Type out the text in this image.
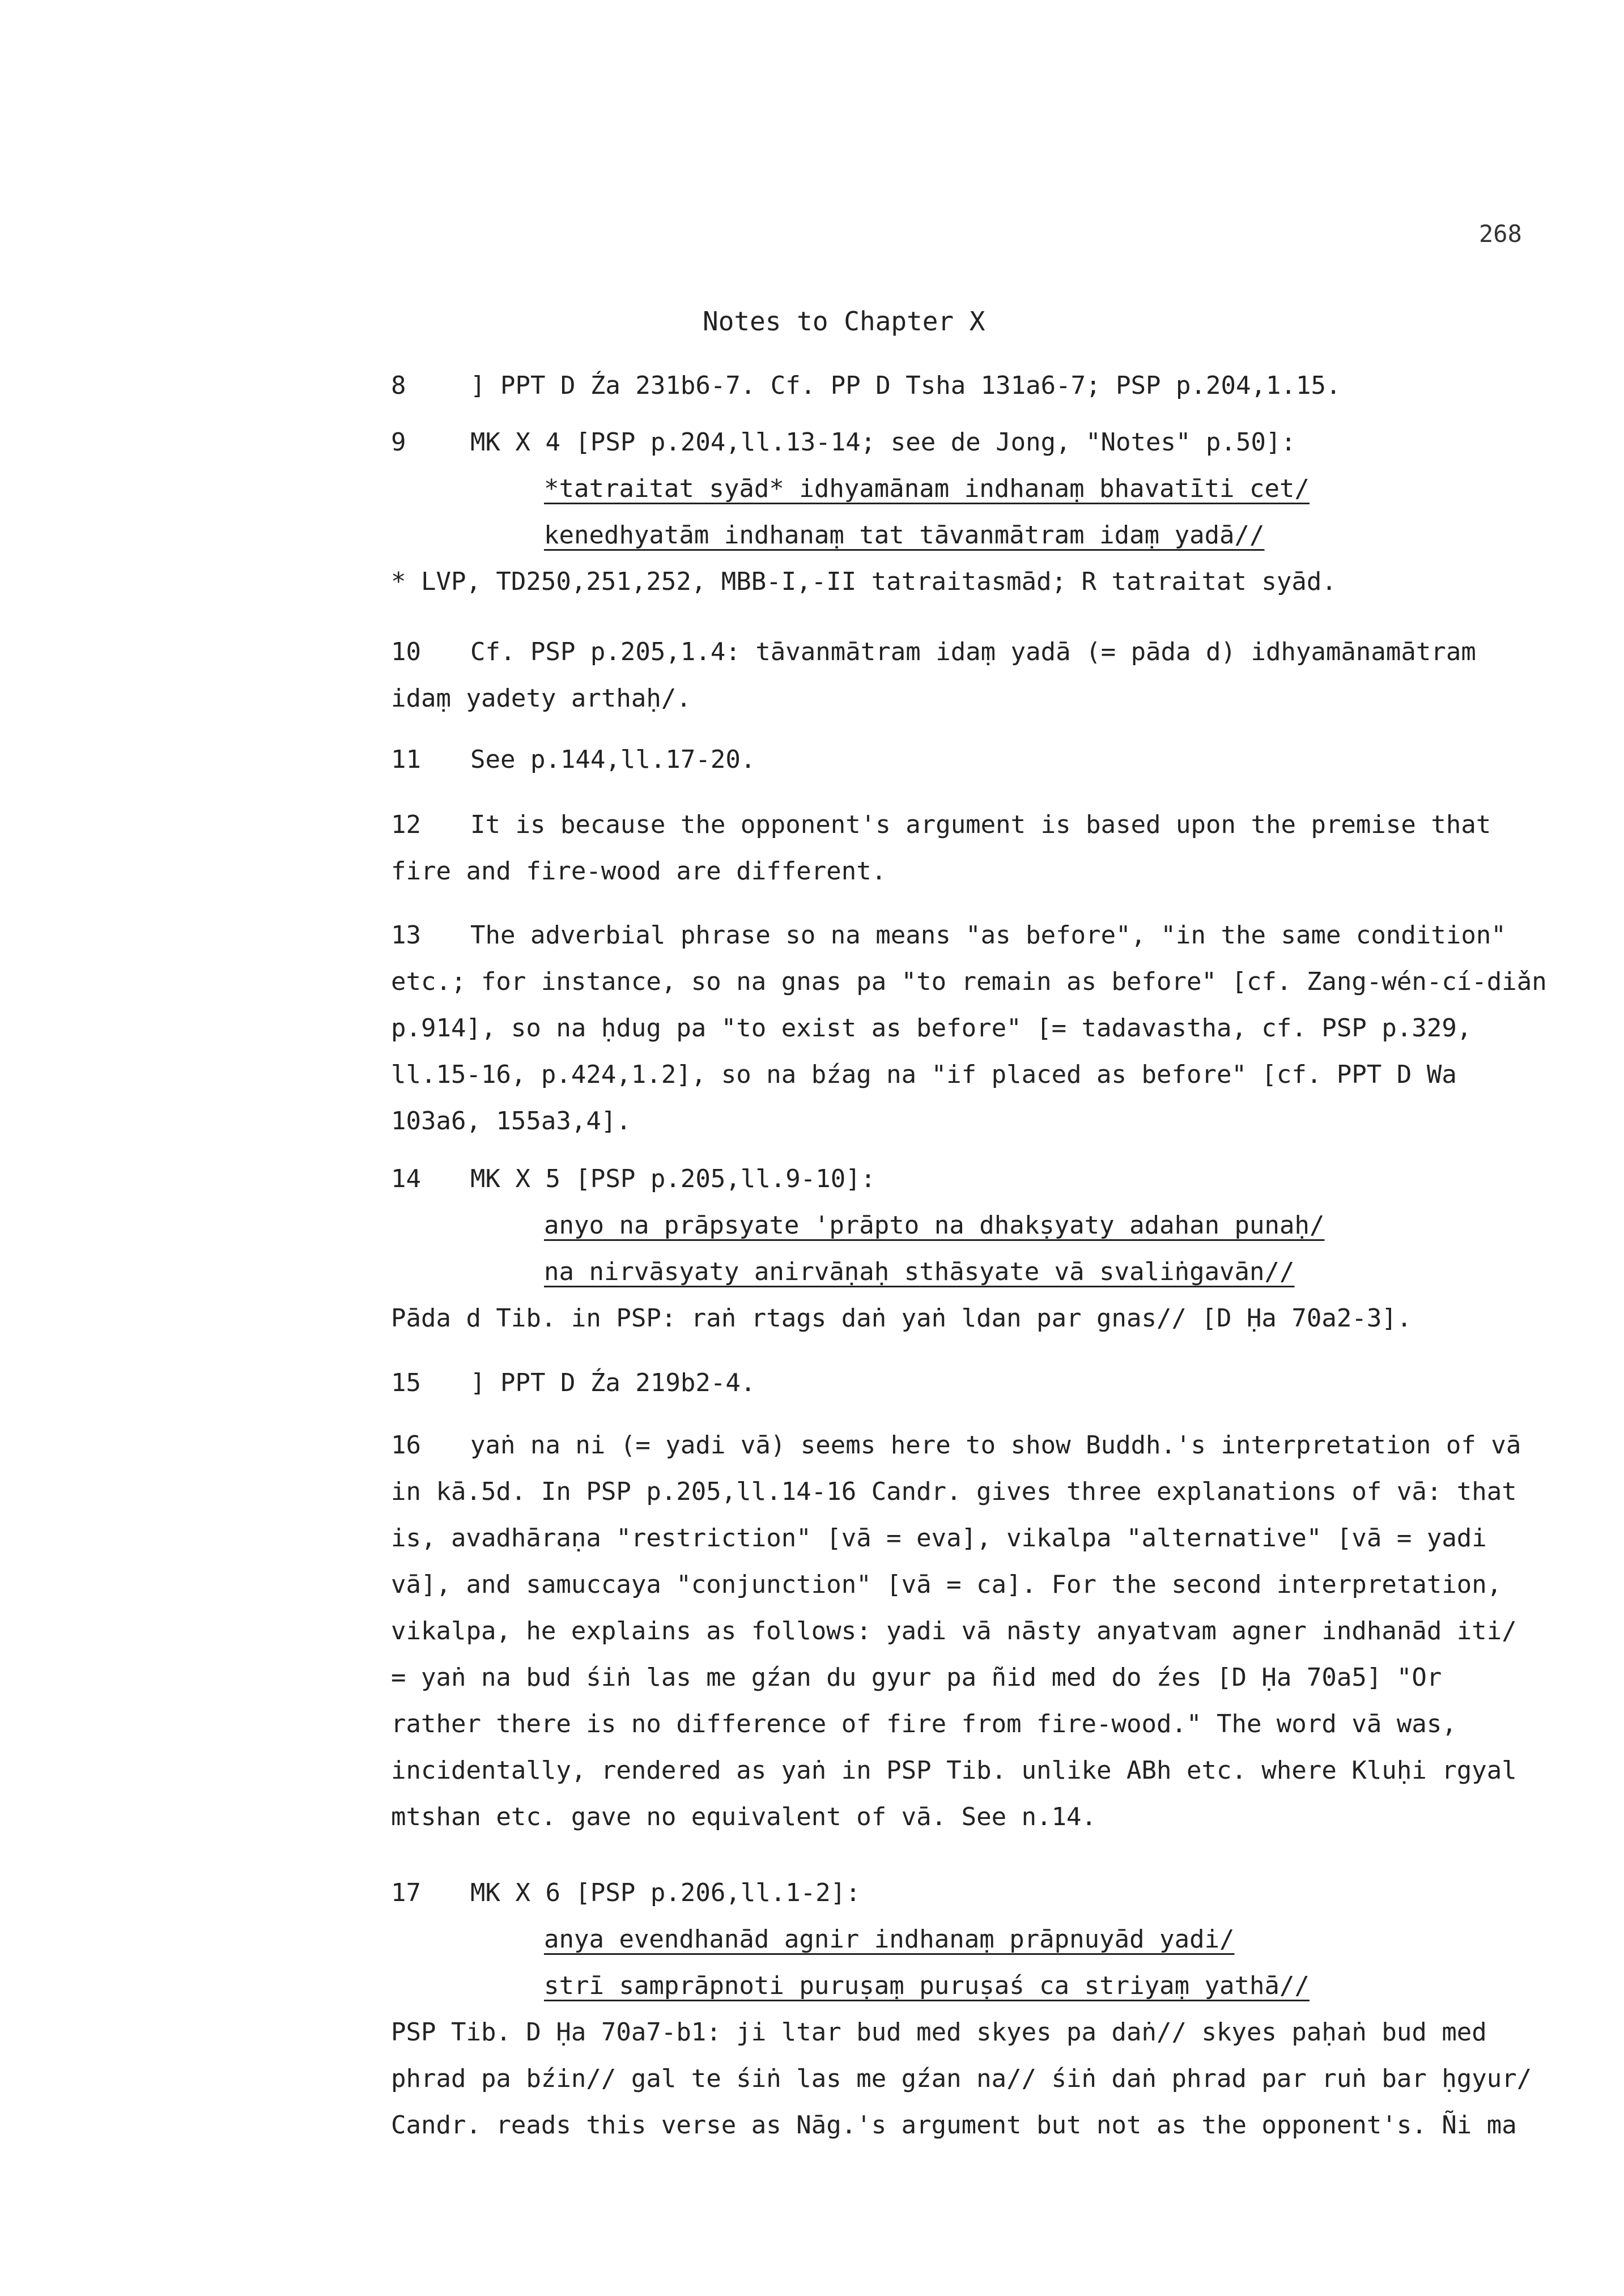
268
Notes to Chapter X
8	] PPT D Źa 231b6-7. Cf. PP D Tsha 131a6-7; PSP p.204,1.15.
9	MK X 4 [PSP p.204,ll.13-14; see de Jong, "Notes" p.50]:
*tatraitat syād* idhyamānam indhanaṃ bhavatīti cet/
kenedhyatām indhanaṃ tat tāvanmātram idaṃ yadā//
* LVP, TD250,251,252, MBB-I,-II tatraitasmād; R tatraitat syād.
10 Cf. PSP p.205,1.4: tāvanmātram idaṃ yadā (= pāda d) idhyamānamātram
idaṃ yadety arthaḥ/.
11 See p.144,ll.17-20.
12 It is because the opponent's argument is based upon the premise that
fire and fire-wood are different.
13 The adverbial phrase so na means "as before", "in the same condition"
etc.; for instance, so na gnas pa "to remain as before" [cf. Zang-wén-cí-diǎn
p.914], so na ḥdug pa "to exist as before" [= tadavastha, cf. PSP p.329,
ll.15-16, p.424,1.2], so na bźag na "if placed as before" [cf. PPT D Wa
103a6, 155a3,4].
14 MK X 5 [PSP p.205,ll.9-10]:
anyo na prāpsyate 'prāpto na dhakṣyaty adahan punaḥ/
na nirvāsyaty anirvāṇaḥ sthāsyate vā svaliṅgavān//
Pāda d Tib. in PSP: raṅ rtags daṅ yaṅ ldan par gnas// [D Ḥa 70a2-3].
15 ] PPT D Źa 219b2-4.
16 yaṅ na ni (= yadi vā) seems here to show Buddh.'s interpretation of vā
in kā.5d. In PSP p.205,ll.14-16 Candr. gives three explanations of vā: that
is, avadhāraṇa "restriction" [vā = eva], vikalpa "alternative" [vā = yadi
vā], and samuccaya "conjunction" [vā = ca]. For the second interpretation,
vikalpa, he explains as follows: yadi vā nāsty anyatvam agner indhanād iti/
= yaṅ na bud śiṅ las me gźan du gyur pa ñid med do źes [D Ḥa 70a5] "Or
rather there is no difference of fire from fire-wood." The word vā was,
incidentally, rendered as yaṅ in PSP Tib. unlike ABh etc. where Kluḥi rgyal
mtshan etc. gave no equivalent of vā. See n.14.
17 MK X 6 [PSP p.206,ll.1-2]:
anya evendhanād agnir indhanaṃ prāpnuyād yadi/
strī samprāpnoti puruṣaṃ puruṣaś ca striyaṃ yathā//
PSP Tib. D Ḥa 70a7-b1: ji ltar bud med skyes pa daṅ// skyes paḥaṅ bud med
phrad pa bźin// gal te śiṅ las me gźan na// śiṅ daṅ phrad par ruṅ bar ḥgyur/
Candr. reads this verse as Nāg.'s argument but not as the opponent's. Ñi ma
